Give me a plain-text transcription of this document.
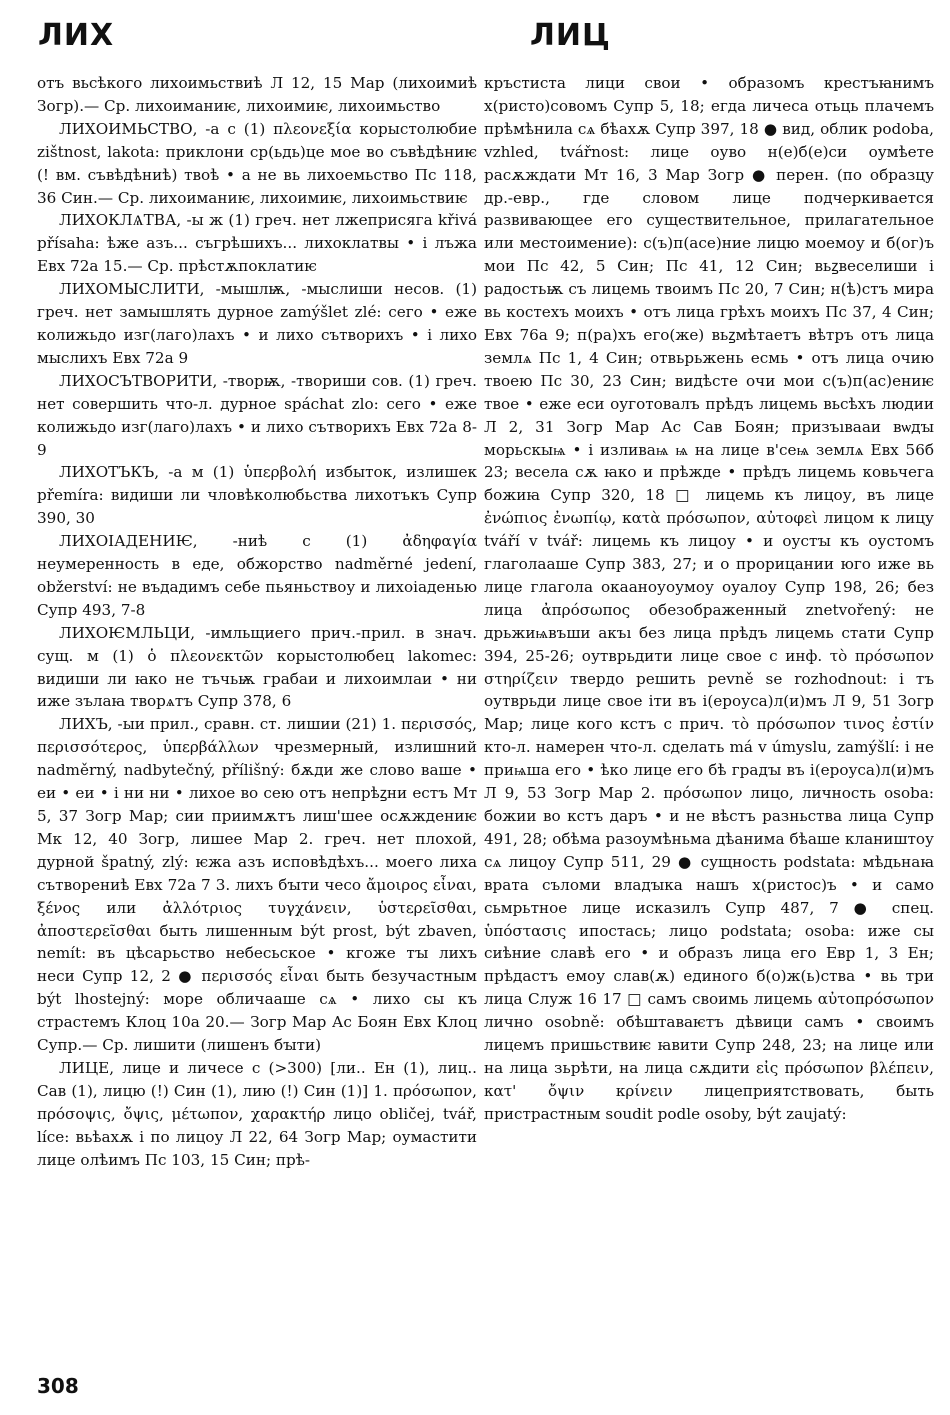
ЛИХ	ЛИЦ

отъ вьсѣкого лихоимьствиѣ Л 12, 15 Мар (лихоимиѣ Зогр).— Ср. лихоиманиѥ, лихоимиѥ, лихоимьство

ЛИХОИМЬСТВО, -а с (1) πλεονεξία корыстолюбие zištnost, lakota: приклони ср(ьдь)це мое во съвѣдѣниѥ (! вм. съвѣдѣниѣ) твоѣ • а не вь лихоемьство Пс 118, 36 Син.— Ср. лихоиманиѥ, лихоимиѥ, лихоимьствиѥ

ЛИХОКЛѦТВА, -ы ж (1) греч. нет лжеприсяга křivá přísaha: ѣже азъ... съгрѣшихъ... лихоклатвы • і лъжа Евх 72а 15.— Ср. прѣстѫпоклатиѥ

ЛИХОМЫСЛИТИ, -мышлѭ, -мыслиши несов. (1) греч. нет замышлять дурное zamýšlet zlé: сего • еже колижьдо изг(лаго)лахъ • и лихо сътворихъ • і лихо мыслихъ Евх 72а 9

ЛИХОСЪТВОРИТИ, -творѭ, -твориши сов. (1) греч. нет совершить что-л. дурное spáchat zlo: сего • еже колижьдо изг(лаго)лахъ • и лихо сътворихъ Евх 72а 8-9

ЛИХОТЪКЪ, -а м (1) ὑπερβολή избыток, излишек přemíra: видиши ли чловѣколюбьства лихотъкъ Супр 390, 30

ЛИХОІАДЕНИѤ, -ниѣ с (1) ἀδηφαγία неумеренность в еде, обжорство nadměrné jedení, obžerství: не въдадимъ себе пьяньствоу и лихоіаденью Супр 493, 7-8

ЛИХОѤМЛЬЦИ, -имльщиего прич.-прил. в знач. сущ. м (1) ὁ πλεονεκτῶν корыстолюбец lakomec: видиши ли ꙗко не тъчьѭ грабаи и лихоимлаи • ни иже зълаꙗ творѧтъ Супр 378, 6

ЛИХЪ, -ыи прил., сравн. ст. лишии (21) 1. περισσός, περισσότερος, ὑπερβάλλων чрезмерный, излишний nadměrný, nadbytečný, přílišný: бѫди же слово ваше • еи • еи • і ни ни • лихое во сею отъ непрѣꙁни естъ Мт 5, 37 Зогр Мар; сии приимѫтъ лиш'шее осѫждениѥ Мк 12, 40 Зогр, лишее Мар 2. греч. нет плохой, дурной špatný, zlý: ѥжа азъ исповѣдѣхъ... моего лиха сътворениѣ Евх 72а 7 3. лихъ бꙑти чесо ἄμοιρος εἶναι, ξένος или ἀλλότριος τυγχάνειν, ὑστερεῖσθαι, ἀποστερεῖσθαι быть лишенным být prost, být zbaven, nemít: въ цѣсарьство небесьское • кгоже тꙑ лихъ неси Супр 12, 2 ● περισσός εἶναι быть безучастным být lhostejný: море обличааше сѧ • лихо сы къ страстемъ Клоц 10а 20.— Зогр Мар Ас Боян Евх Клоц Супр.— Ср. лишити (лишенъ бꙑти)

ЛИЦЕ, лице и личесе с (>300) [ли.. Ен (1), лиц.. Сав (1), лицю (!) Син (1), лию (!) Син (1)] 1. πρόσωπον, πρόσοψις, ὄψις, μέτωπον, χαρακτήρ лицо obličej, tvář, líce: вьѣахѫ і по лицоу Л 22, 64 Зогр Мар; оумастити лице олѣимъ Пс 103, 15 Син; прѣ-

кръстиста лици свои • образомъ крестъꙗнимъ х(ристо)совомъ Супр 5, 18; егда личеса отьць плачемъ прѣмѣнила сѧ бѣахѫ Супр 397, 18 ● вид, облик podoba, vzhled, tvářnost: лице оуво н(е)б(е)си оумѣете расѫждати Мт 16, 3 Мар Зогр ● перен. (по образцу др.-евр., где словом лице подчеркивается развивающее его существительное, прилагательное или местоимение): с(ъ)п(асе)ние лицю моемоу и б(ог)ъ мои Пс 42, 5 Син; Пс 41, 12 Син; вьꙁвеселиши і радостьѭ съ лицемь твоимъ Пс 20, 7 Син; н(ѣ)стъ мира вь костехъ моихъ • отъ лица грѣхъ моихъ Пс 37, 4 Син; Евх 76а 9; п(ра)хъ его(же) вьꙁмѣтаетъ вѣтръ отъ лица землѧ Пс 1, 4 Син; отвьрьжень есмь • отъ лица очию твоею Пс 30, 23 Син; видѣсте очи мои с(ъ)п(ас)ениѥ твое • еже еси оуготовалъ прѣдъ лицемь вьсѣхъ людии Л 2, 31 Зогр Мар Ас Сав Боян; призъıвааи вѡдꙑ морьскыѩ • і изливаѩ ѩ на лице в'сеѩ землѧ Евх 56б 23; весела сѫ ꙗко и прѣжде • прѣдъ лицемь ковьчега божиꙗ Супр 320, 18 □ лицемь къ лицоу, въ лице ἐνώπιος ἐνωπίῳ, κατὰ πρόσωπον, αὐτοφεὶ лицом к лицу tváří v tvář: лицемь къ лицоу • и оустꙑ къ оустомъ глаголааше Супр 383, 27; и о прорицании юго иже вь лице глагола окааноуоумоу оуалоу Супр 198, 26; без лица ἀπρόσωπος обезображенный znetvořený: не дрьжиѩвъши акъı без лица прѣдъ лицемь стати Супр 394, 25-26; оутврьдити лице свое с инф. τὸ πρόσωπον στηρίζειν твердо решить pevně se rozhodnout: і тъ оутврьди лице свое іти въ і(ероуса)л(и)мъ Л 9, 51 Зогр Мар; лице кого кстъ с прич. τὸ πρόσωπον τινος ἐστίν кто-л. намерен что-л. сделать má v úmyslu, zamýšlí: і не приѩша его • ѣко лице его бѣ градꙑ въ і(ероуса)л(и)мъ Л 9, 53 Зогр Мар 2. πρόσωπον лицо, личность osoba: божии во кстъ даръ • и не вѣстъ разньства лица Супр 491, 28; обѣма разоумѣньма дѣанима бѣаше клаништоу сѧ лицоу Супр 511, 29 ● сущность podstata: мѣдьнаꙗ врата съломи владꙑка нашъ х(ристос)ъ • и само сьмрьтное лице исказилъ Супр 487, 7 ● спец. ὑπόστασις ипостась; лицо podstata; osoba: иже сы сиѣние славѣ его • и образъ лица его Евр 1, 3 Ен; прѣдастъ емоу слав(ѫ) единого б(о)ж(ь)ства • вь три лица Служ 16 17 □ самъ своимь лицемь αὐτοπρόσωπον лично osobně: обѣштаваѥтъ дѣвици самъ • своимъ лицемъ пришьствиѥ ꙗвити Супр 248, 23; на лице или на лица зьрѣти, на лица сѫдити εἰς πρόσωπον βλέπειν, κατ' ὄψιν κρίνειν лицеприятствовать, быть пристрастным soudit podle osoby, být zaujatý:

308
